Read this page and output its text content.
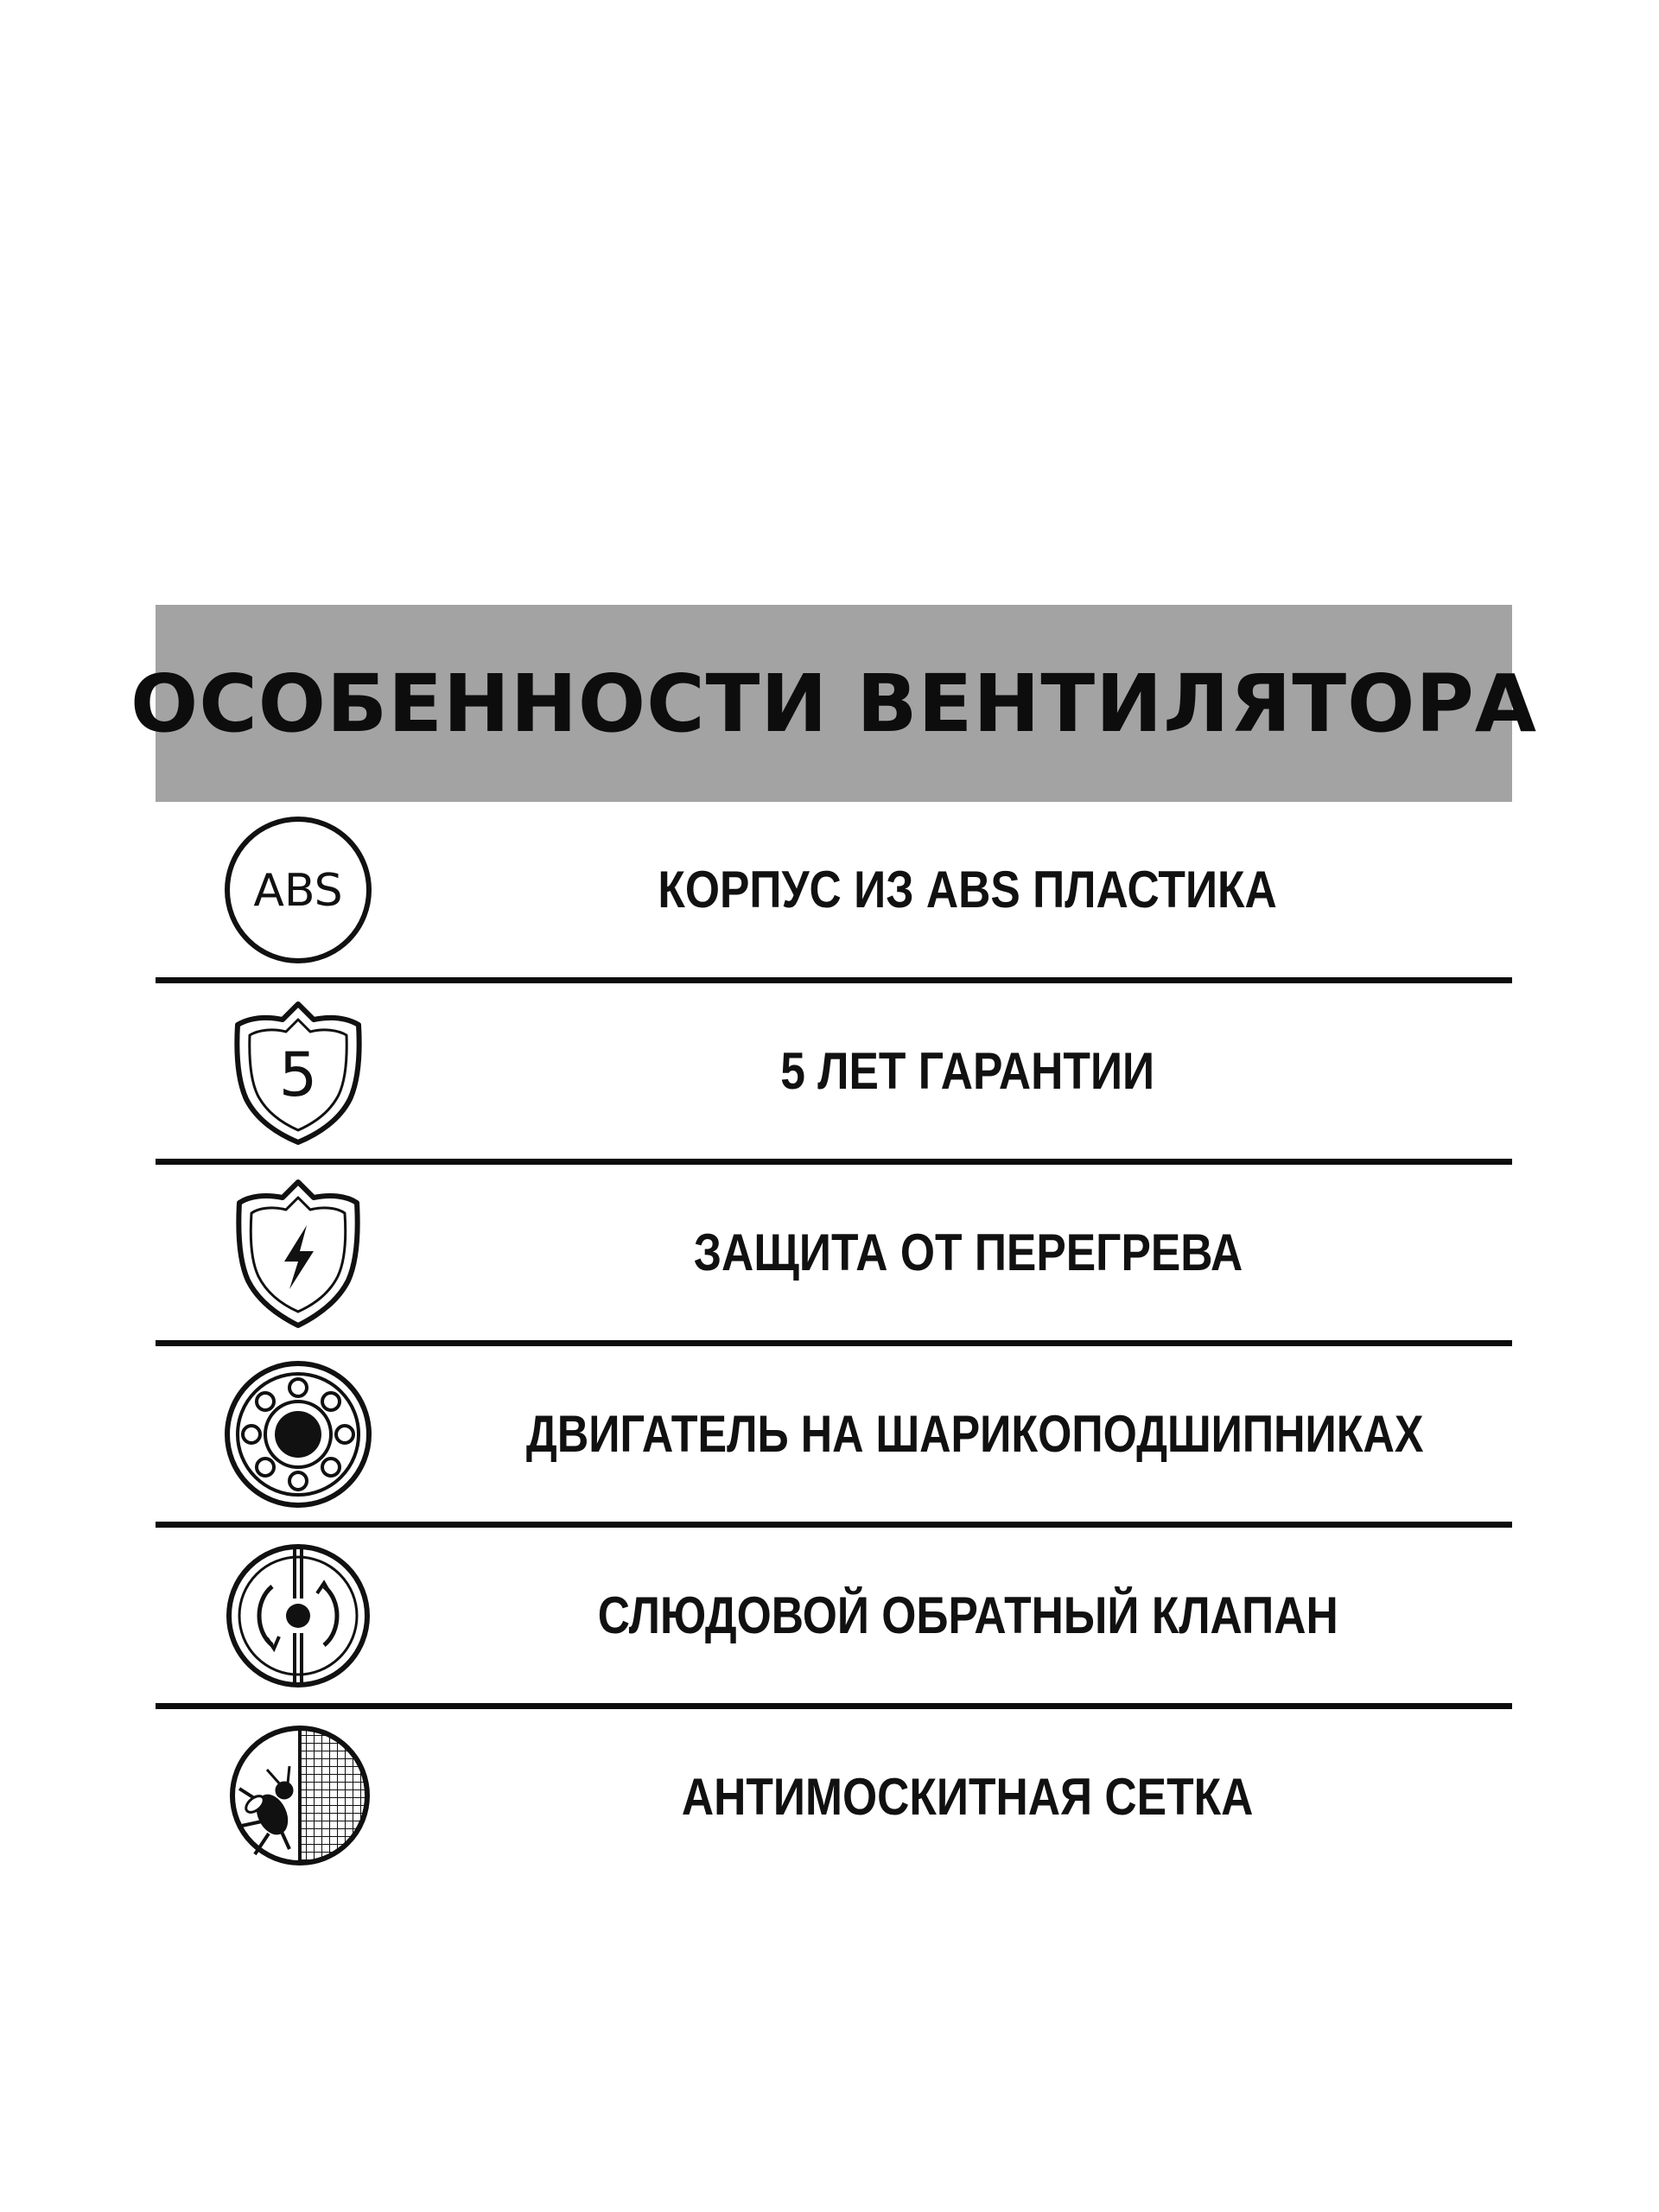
ОСОБЕННОСТИ ВЕНТИЛЯТОРА
ABS	КОРПУС ИЗ ABS ПЛАСТИКА
5	5 ЛЕТ ГАРАНТИИ
ЗАЩИТА ОТ ПЕРЕГРЕВА
ДВИГАТЕЛЬ НА ШАРИКОПОДШИПНИКАХ
СЛЮДОВОЙ ОБРАТНЫЙ КЛАПАН
АНТИМОСКИТНАЯ СЕТКА
